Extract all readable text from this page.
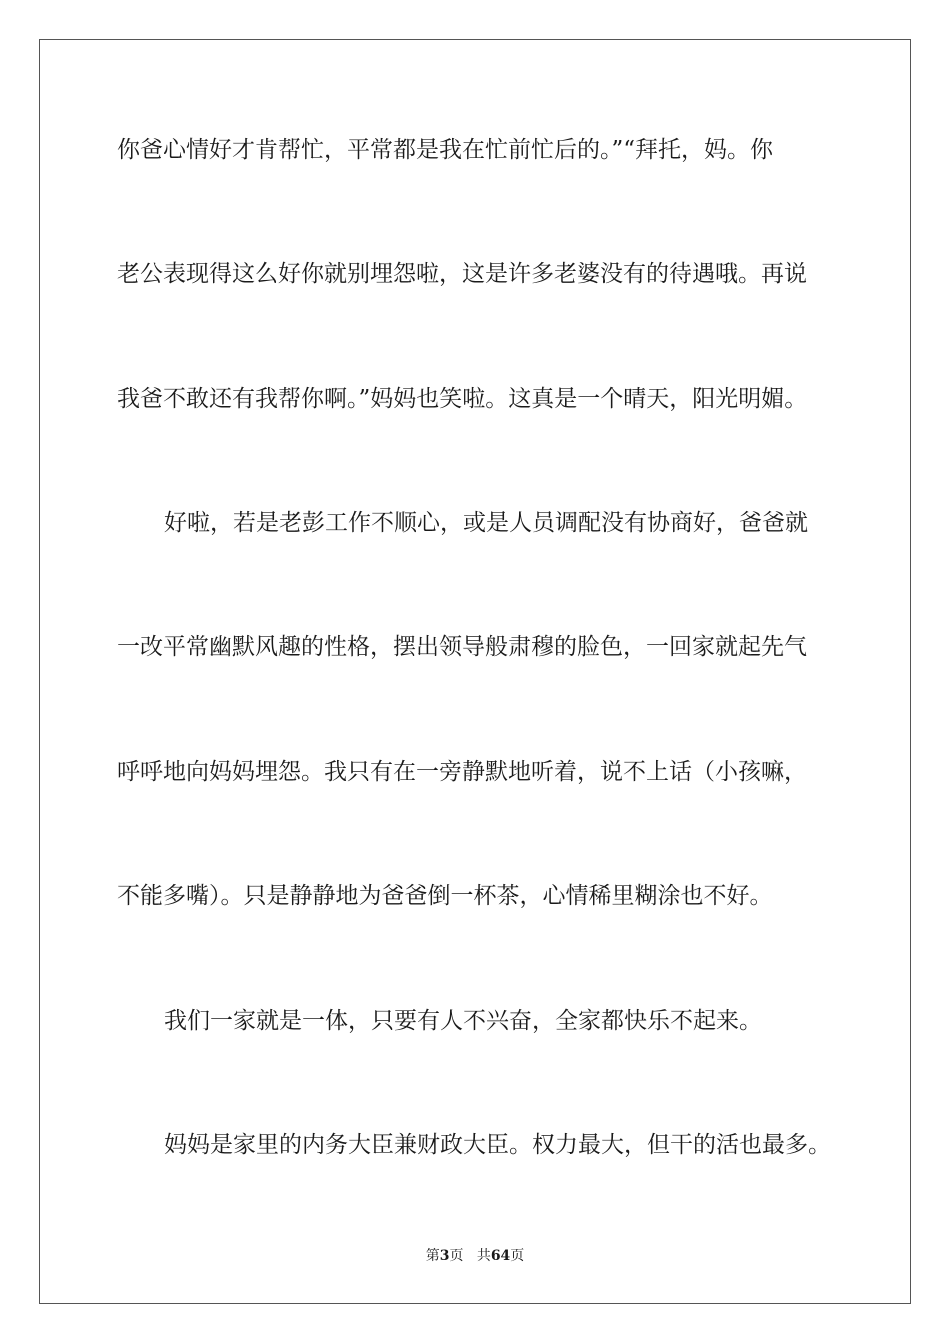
你爸心情好才肯帮忙，平常都是我在忙前忙后的。”“拜托，妈。你
老公表现得这么好你就别埋怨啦，这是许多老婆没有的待遇哦。再说
我爸不敢还有我帮你啊。”妈妈也笑啦。这真是一个晴天，阳光明媚。
好啦，若是老彭工作不顺心，或是人员调配没有协商好，爸爸就
一改平常幽默风趣的性格，摆出领导般肃穆的脸色，一回家就起先气
呼呼地向妈妈埋怨。我只有在一旁静默地听着，说不上话（小孩嘛，
不能多嘴）。只是静静地为爸爸倒一杯茶，心情稀里糊涂也不好。
我们一家就是一体，只要有人不兴奋，全家都快乐不起来。
妈妈是家里的内务大臣兼财政大臣。权力最大，但干的活也最多。
第3页 共64页
